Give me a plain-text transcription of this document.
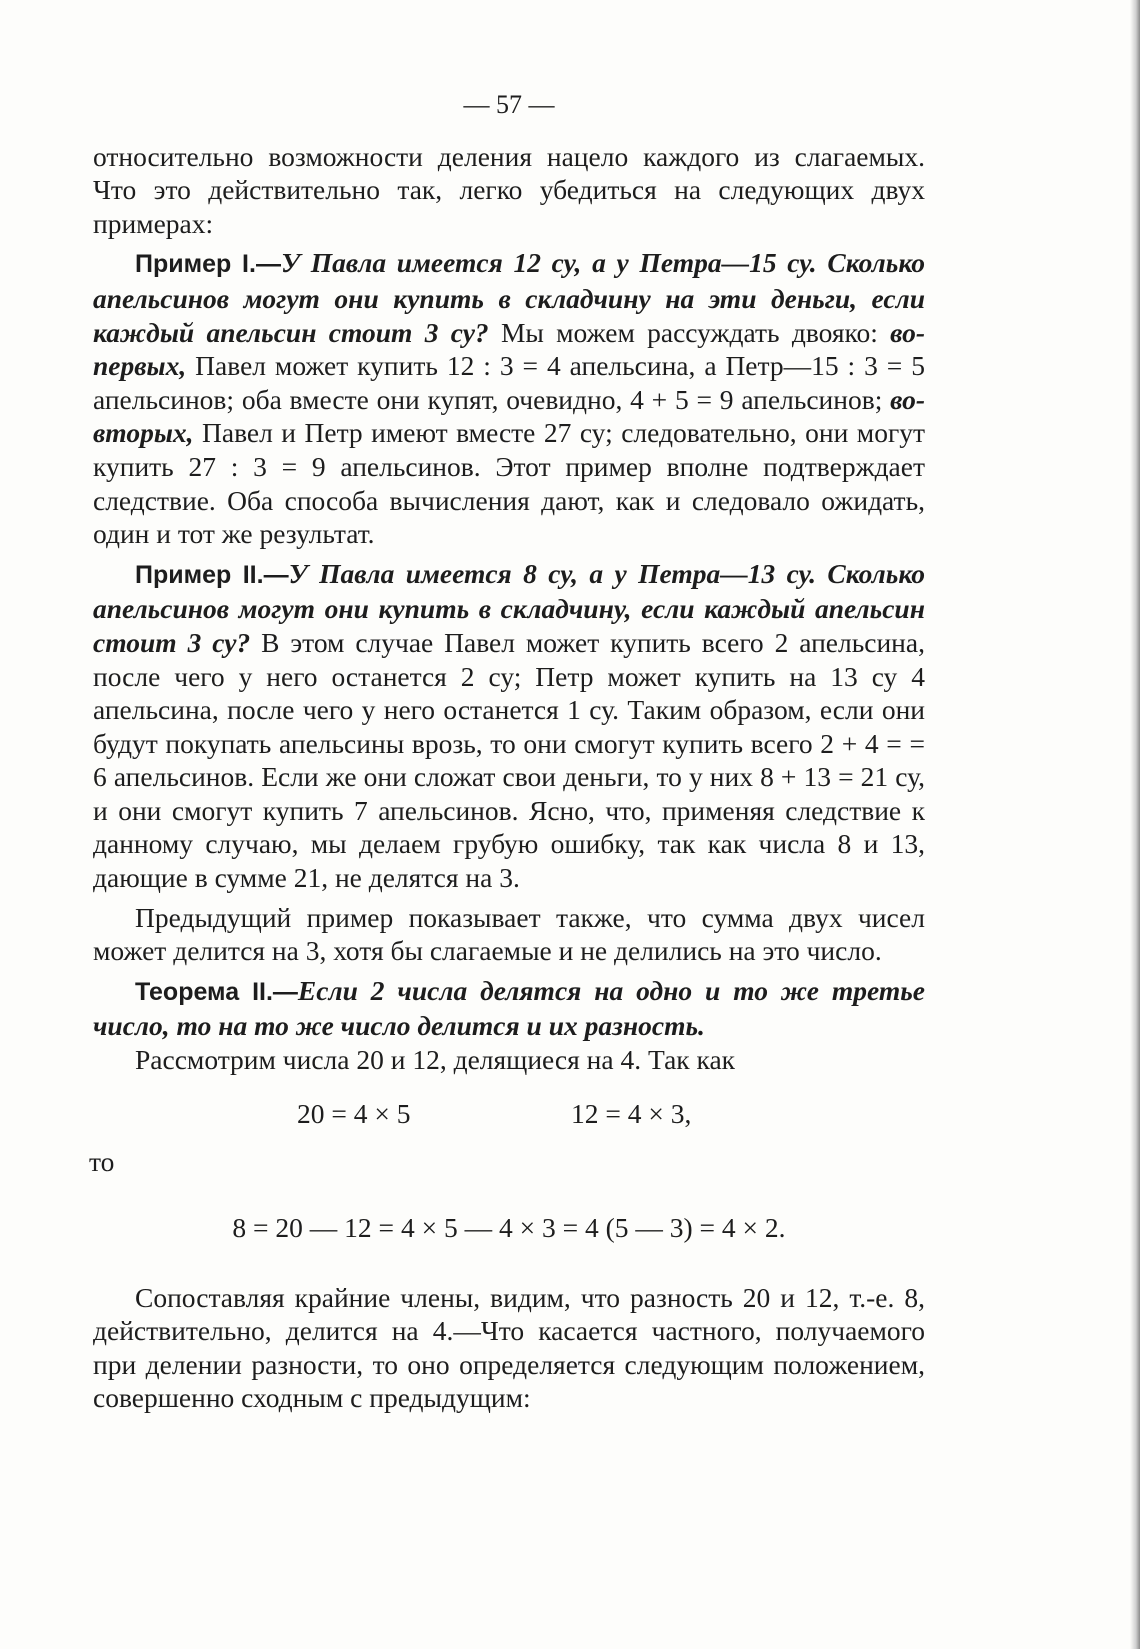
— 57 —

относительно возможности деления нацело каждого из слагаемых. Что это действительно так, легко убедиться на следующих двух примерах:

Пример I.—У Павла имеется 12 су, а у Петра—15 су. Сколько апельсинов могут они купить в складчину на эти деньги, если каждый апельсин стоит 3 су? Мы можем рассуждать двояко: во-первых, Павел может купить 12 : 3 = 4 апельсина, а Петр—15 : 3 = 5 апельсинов; оба вместе они купят, очевидно, 4 + 5 = 9 апельсинов; во-вторых, Павел и Петр имеют вместе 27 су; следовательно, они могут купить 27 : 3 = 9 апельсинов. Этот пример вполне подтверждает следствие. Оба способа вычисления дают, как и следовало ожидать, один и тот же результат.

Пример II.—У Павла имеется 8 су, а у Петра—13 су. Сколько апельсинов могут они купить в складчину, если каждый апельсин стоит 3 су? В этом случае Павел может купить всего 2 апельсина, после чего у него останется 2 су; Петр может купить на 13 су 4 апельсина, после чего у него останется 1 су. Таким образом, если они будут покупать апельсины врозь, то они смогут купить всего 2 + 4 = = 6 апельсинов. Если же они сложат свои деньги, то у них 8 + 13 = 21 су, и они смогут купить 7 апельсинов. Ясно, что, применяя следствие к данному случаю, мы делаем грубую ошибку, так как числа 8 и 13, дающие в сумме 21, не делятся на 3.

Предыдущий пример показывает также, что сумма двух чисел может делится на 3, хотя бы слагаемые и не делились на это число.

Теорема II.—Если 2 числа делятся на одно и то же третье число, то на то же число делится и их разность.

Рассмотрим числа 20 и 12, делящиеся на 4. Так как

20 = 4 × 5	12 = 4 × 3,
то
8 = 20 — 12 = 4 × 5 — 4 × 3 = 4 (5 — 3) = 4 × 2.

Сопоставляя крайние члены, видим, что разность 20 и 12, т.-е. 8, действительно, делится на 4.—Что касается частного, получаемого при делении разности, то оно определяется следующим положением, совершенно сходным с предыдущим:
